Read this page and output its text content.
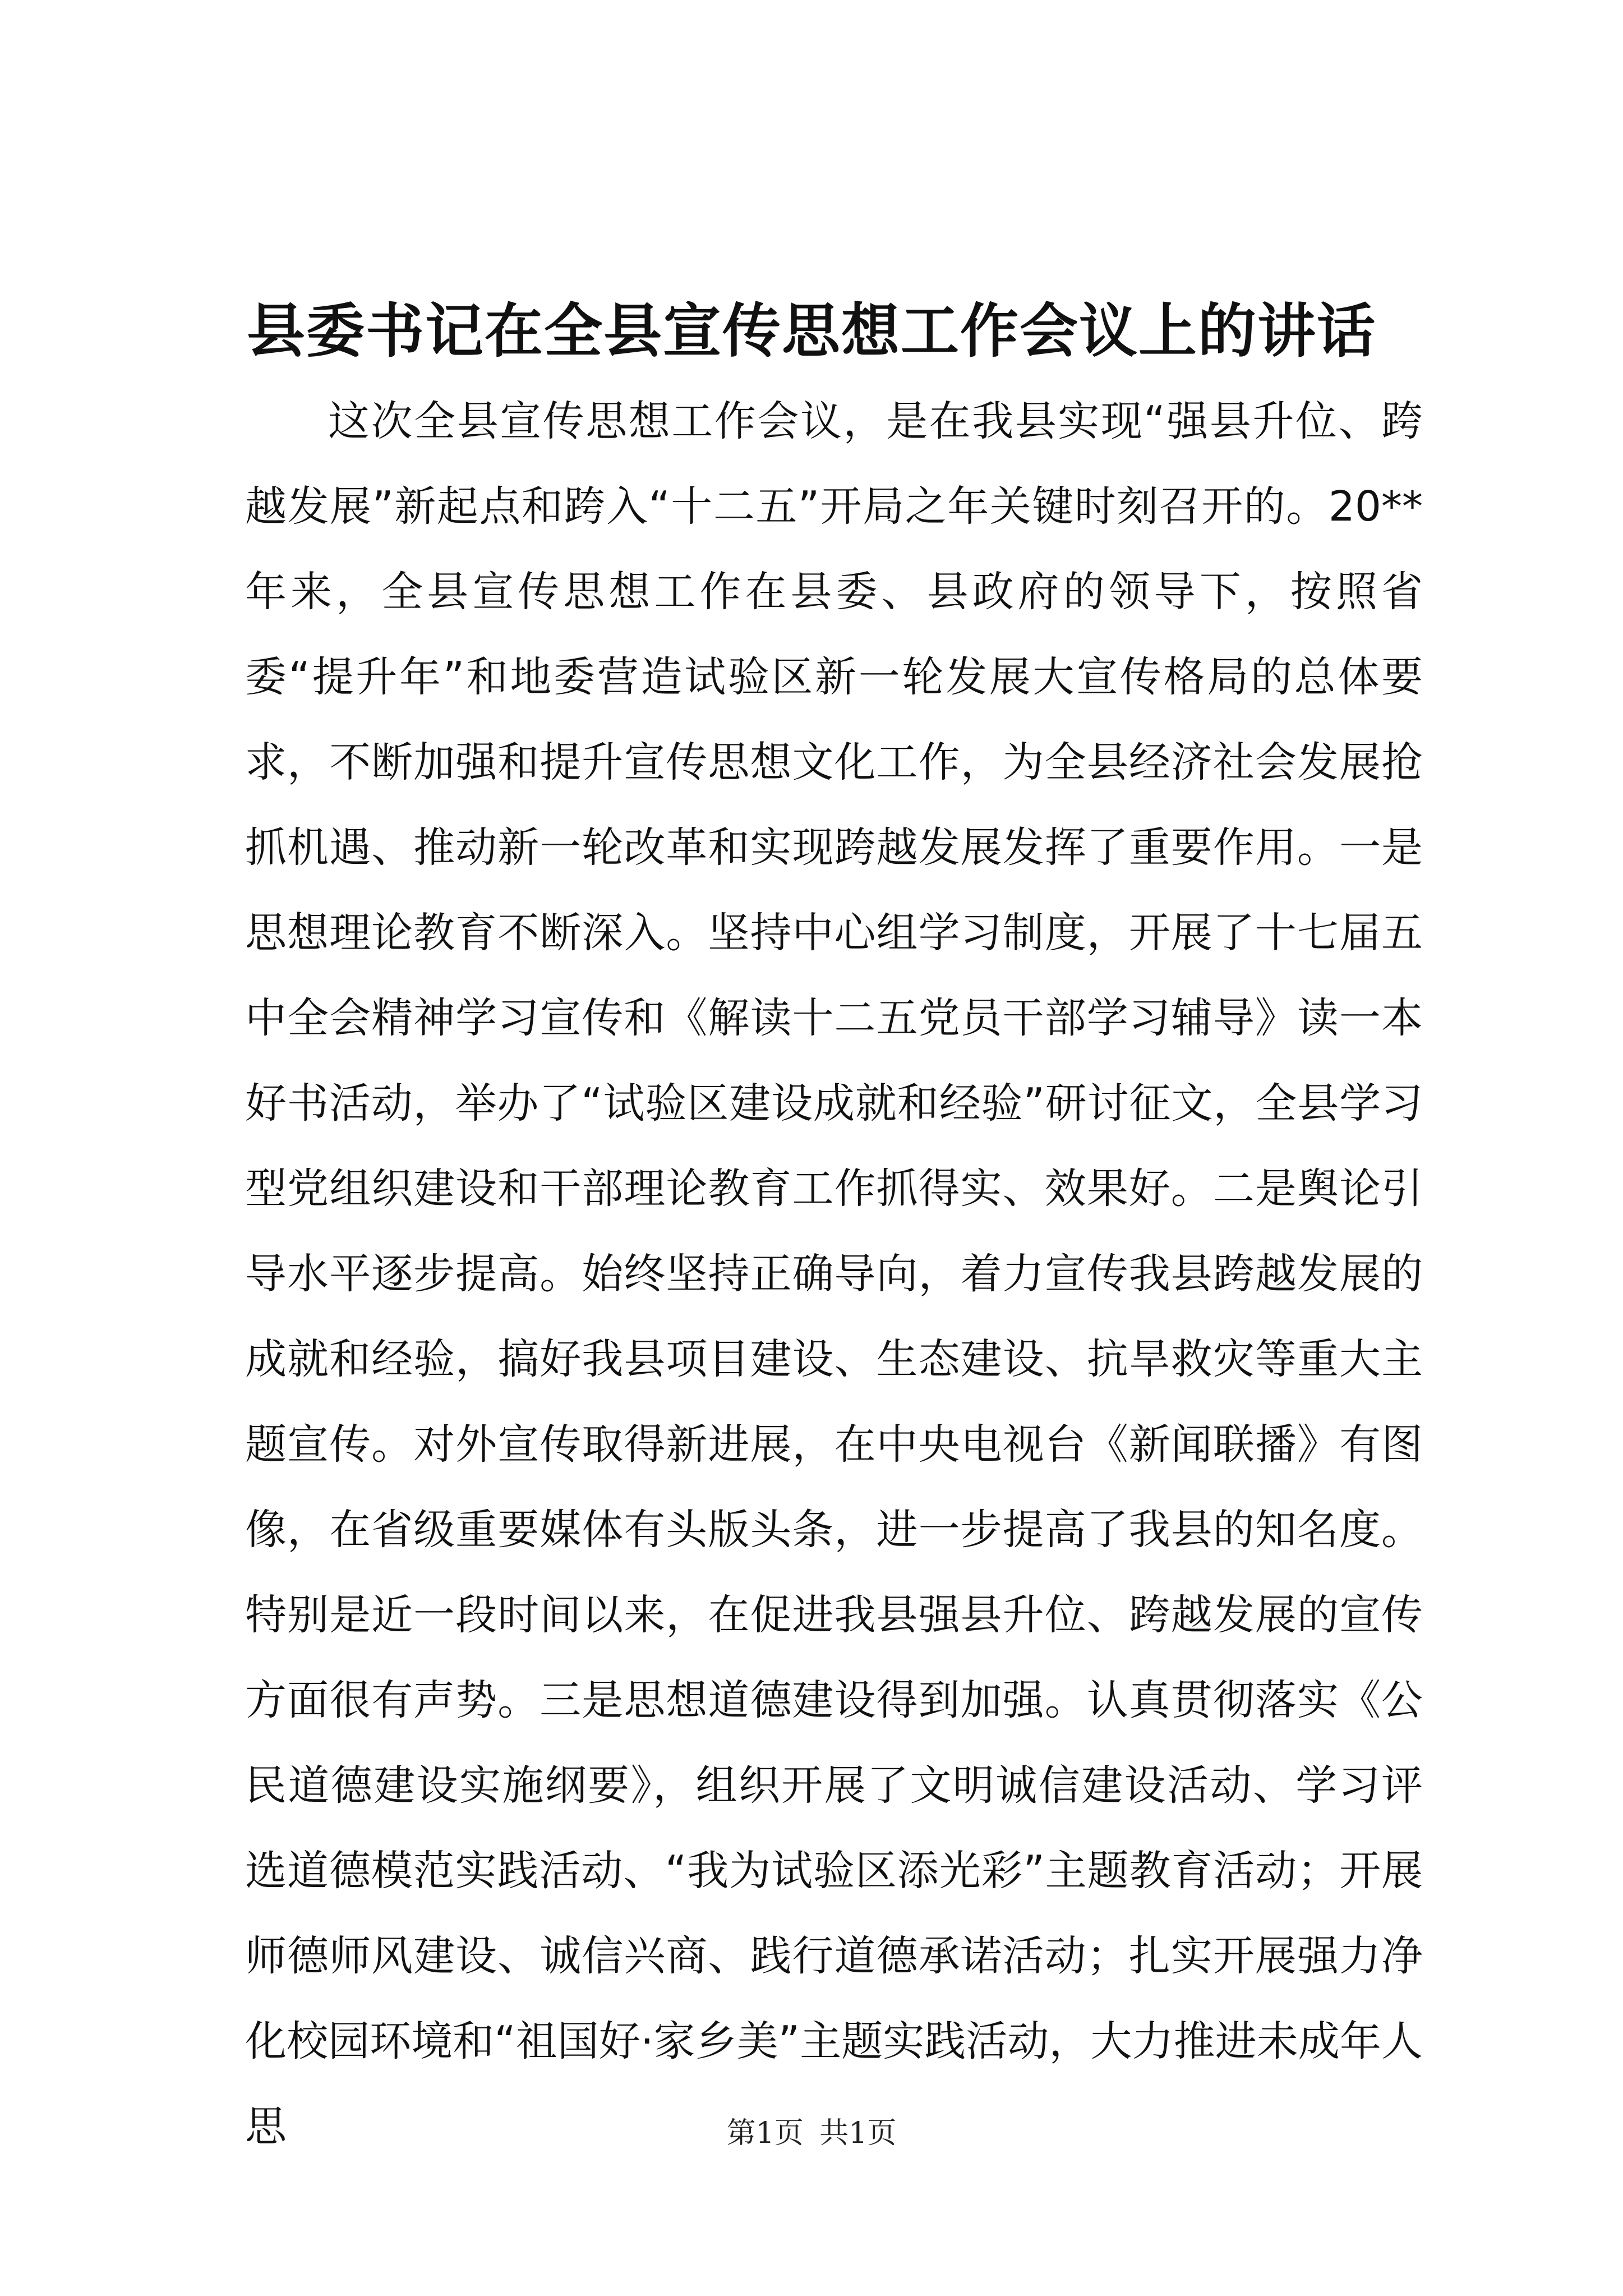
县委书记在全县宣传思想工作会议上的讲话

这次全县宣传思想工作会议，是在我县实现“强县升位、跨越发展”新起点和跨入“十二五”开局之年关键时刻召开的。20**年来，全县宣传思想工作在县委、县政府的领导下，按照省委“提升年”和地委营造试验区新一轮发展大宣传格局的总体要求，不断加强和提升宣传思想文化工作，为全县经济社会发展抢抓机遇、推动新一轮改革和实现跨越发展发挥了重要作用。一是思想理论教育不断深入。坚持中心组学习制度，开展了十七届五中全会精神学习宣传和《解读十二五党员干部学习辅导》读一本好书活动，举办了“试验区建设成就和经验”研讨征文，全县学习型党组织建设和干部理论教育工作抓得实、效果好。二是舆论引导水平逐步提高。始终坚持正确导向，着力宣传我县跨越发展的成就和经验，搞好我县项目建设、生态建设、抗旱救灾等重大主题宣传。对外宣传取得新进展，在中央电视台《新闻联播》有图像，在省级重要媒体有头版头条，进一步提高了我县的知名度。特别是近一段时间以来，在促进我县强县升位、跨越发展的宣传方面很有声势。三是思想道德建设得到加强。认真贯彻落实《公民道德建设实施纲要》，组织开展了文明诚信建设活动、学习评选道德模范实践活动、“我为试验区添光彩”主题教育活动；开展师德师风建设、诚信兴商、践行道德承诺活动；扎实开展强力净化校园环境和“祖国好·家乡美”主题实践活动，大力推进未成年人思	第1页 共1页
